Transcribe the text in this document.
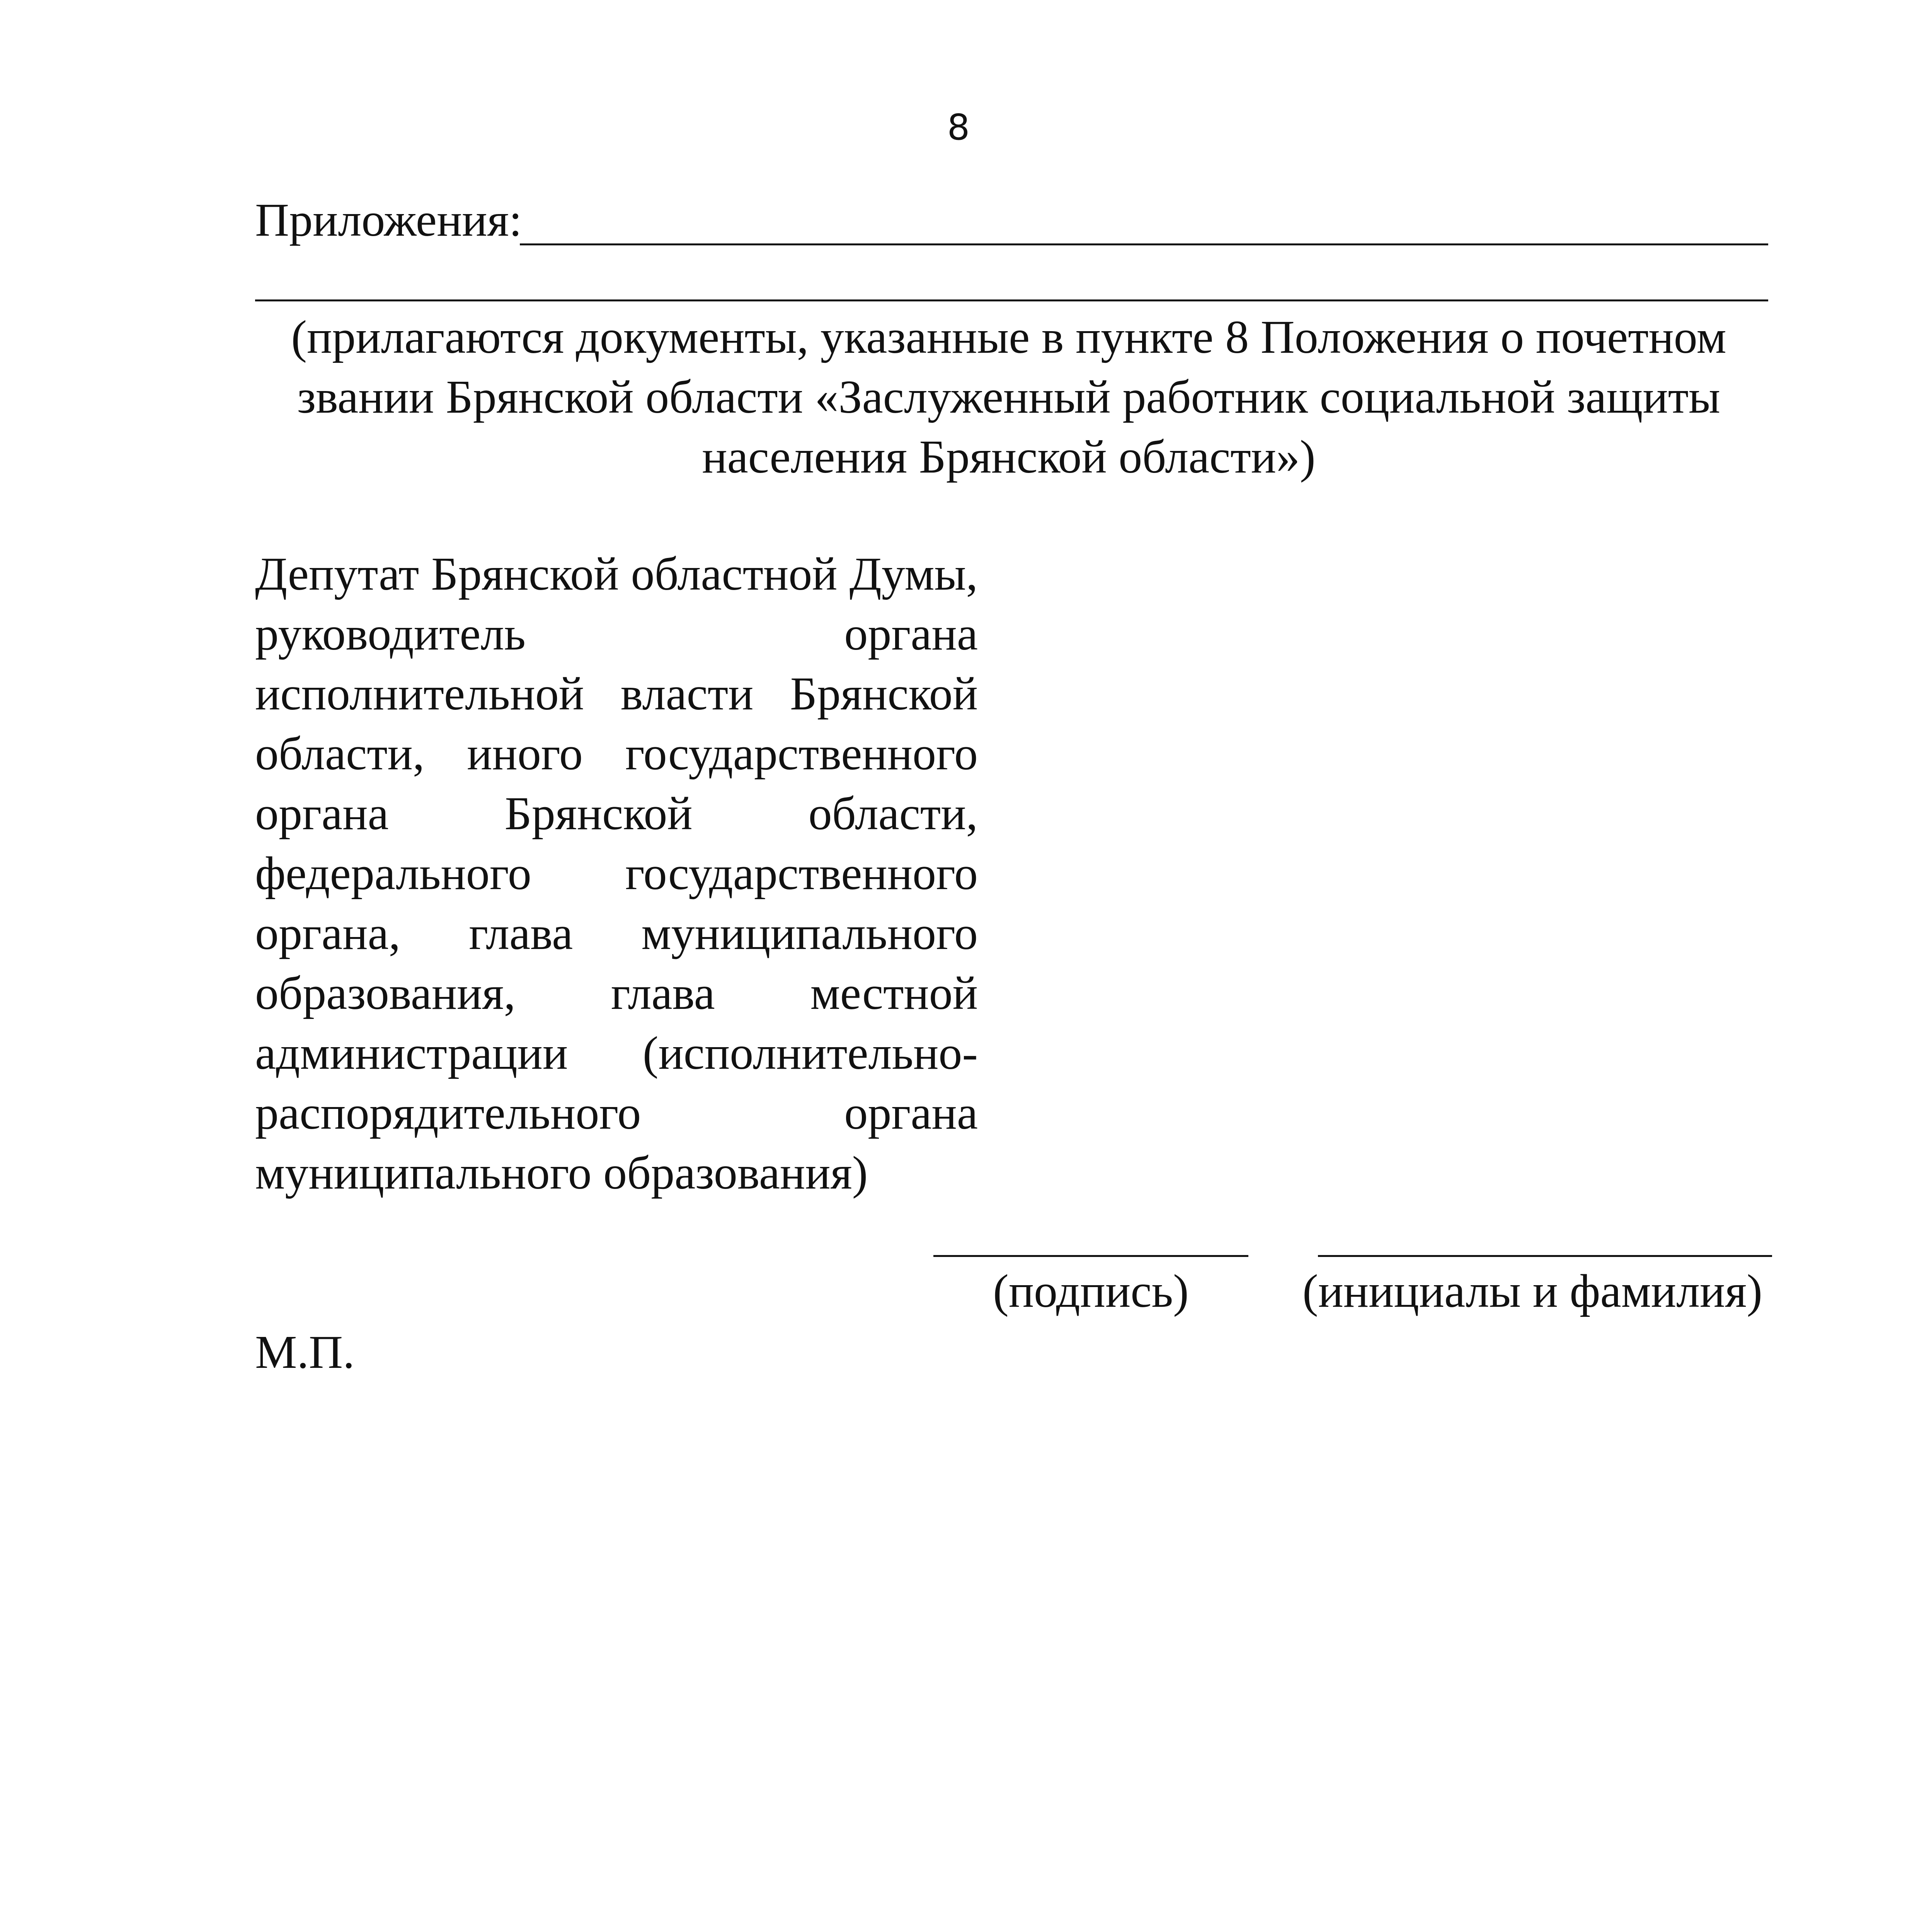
8
Приложения:
(прилагаются документы, указанные в пункте 8 Положения о почетном звании Брянской области «Заслуженный работник социальной защиты населения Брянской области»)
Депутат Брянской областной Думы, руководитель органа исполнительной власти Брянской области, иного государственного органа Брянской области, федерального государственного органа, глава муниципального образования, глава местной администрации (исполнительно-распорядительного органа
муниципального образования)
(подпись)	(инициалы и фамилия)
М.П.
